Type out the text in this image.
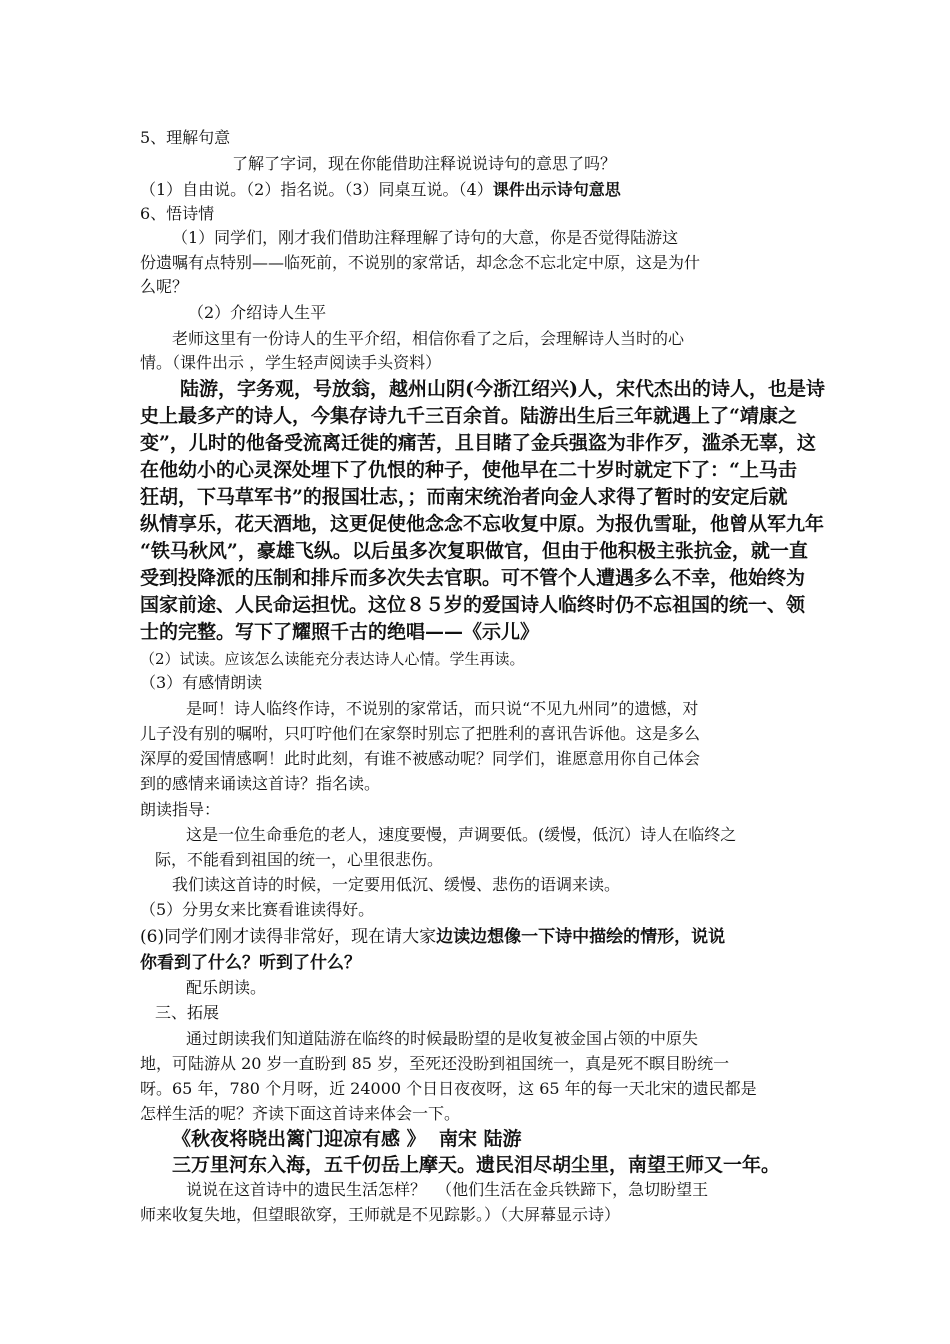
5、理解句意
了解了字词，现在你能借助注释说说诗句的意思了吗？
（1）自由说。（2）指名说。（3）同桌互说。（4）课件出示诗句意思
6、悟诗情
（1）同学们，刚才我们借助注释理解了诗句的大意，你是否觉得陆游这
份遗嘱有点特别——临死前，不说别的家常话，却念念不忘北定中原，这是为什
么呢？
（2）介绍诗人生平
老师这里有一份诗人的生平介绍，相信你看了之后，会理解诗人当时的心
情。（课件出示 ，学生轻声阅读手头资料）
陆游，字务观，号放翁，越州山阴(今浙江绍兴)人，宋代杰出的诗人，也是诗
史上最多产的诗人，今集存诗九千三百余首。陆游出生后三年就遇上了“靖康之
变”，儿时的他备受流离迁徙的痛苦，且目睹了金兵强盗为非作歹，滥杀无辜，这
在他幼小的心灵深处埋下了仇恨的种子，使他早在二十岁时就定下了：“上马击
狂胡，下马草军书”的报国壮志，；而南宋统治者向金人求得了暂时的安定后就
纵情享乐，花天酒地，这更促使他念念不忘收复中原。为报仇雪耻，他曾从军九年
“铁马秋风”，豪雄飞纵。以后虽多次复职做官，但由于他积极主张抗金，就一直
受到投降派的压制和排斥而多次失去官职。可不管个人遭遇多么不幸，他始终为
国家前途、人民命运担忧。这位８５岁的爱国诗人临终时仍不忘祖国的统一、领
士的完整。写下了耀照千古的绝唱——《示儿》
（2）试读。应该怎么读能充分表达诗人心情。学生再读。
（3）有感情朗读
是呵！诗人临终作诗，不说别的家常话，而只说“不见九州同”的遗憾，对
儿子没有别的嘱咐，只叮咛他们在家祭时别忘了把胜利的喜讯告诉他。这是多么
深厚的爱国情感啊！此时此刻，有谁不被感动呢？同学们，谁愿意用你自己体会
到的感情来诵读这首诗？指名读。
朗读指导：
这是一位生命垂危的老人，速度要慢，声调要低。(缓慢，低沉）诗人在临终之
际，不能看到祖国的统一，心里很悲伤。
我们读这首诗的时候，一定要用低沉、缓慢、悲伤的语调来读。
（5）分男女来比赛看谁读得好。
(6)同学们刚才读得非常好，现在请大家边读边想像一下诗中描绘的情形，说说
你看到了什么？听到了什么？
配乐朗读。
三、拓展
通过朗读我们知道陆游在临终的时候最盼望的是收复被金国占领的中原失
地，可陆游从 20 岁一直盼到 85 岁，至死还没盼到祖国统一，真是死不瞑目盼统一
呀。65 年，780 个月呀，近 24000 个日日夜夜呀，这 65 年的每一天北宋的遗民都是
怎样生活的呢？齐读下面这首诗来体会一下。
《秋夜将晓出篱门迎凉有感 》  南宋 陆游
三万里河东入海，五千仞岳上摩天。遗民泪尽胡尘里，南望王师又一年。
说说在这首诗中的遗民生活怎样？  （他们生活在金兵铁蹄下，急切盼望王
师来收复失地，但望眼欲穿，王师就是不见踪影。）（大屏幕显示诗）
